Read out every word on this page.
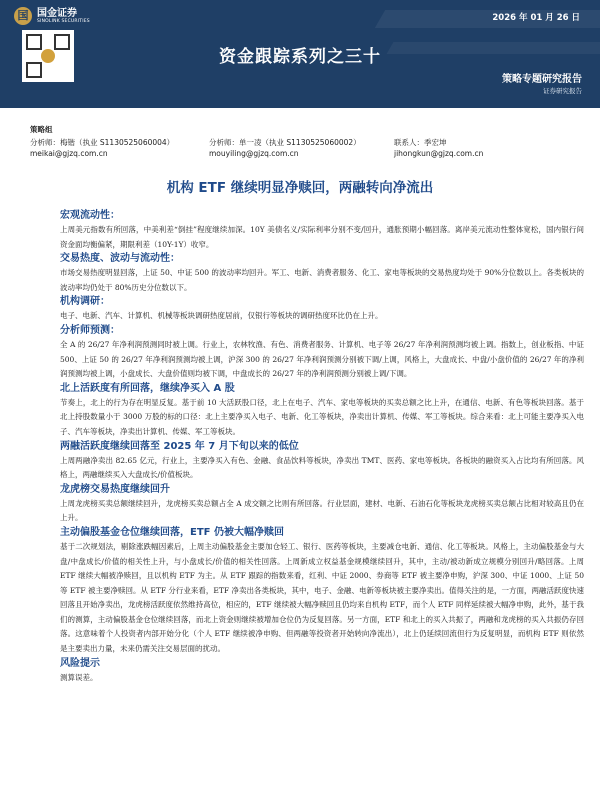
国 国金证券
SINOLINK SECURITIES	2026 年 01 月 26 日
资金跟踪系列之三十
策略专题研究报告
证券研究报告
策略组
分析师：梅锴（执业 S1130525060004）	分析师：单一凌（执业 S1130525060002）	联系人：季宏坤
meikai@gjzq.com.cn	mouyiling@gjzq.com.cn	jihongkun@gjzq.com.cn
机构 ETF 继续明显净赎回，两融转向净流出
宏观流动性：

上周美元指数有所回落，中美利差“倒挂”程度继续加深。10Y 美债名义/实际利率分别不变/回升，通胀预期小幅回落。离岸美元流动性整体宽松，国内银行间资金面均衡偏紧，期限利差（10Y-1Y）收窄。

交易热度、波动与流动性：

市场交易热度明显回落，上证 50、中证 500 的波动率均回升。军工、电新、消费者服务、化工、家电等板块的交易热度均处于 90%分位数以上。各类板块的波动率均仍处于 80%历史分位数以下。

机构调研：

电子、电新、汽车、计算机、机械等板块调研热度居前，仅银行等板块的调研热度环比仍在上升。

分析师预测：

全 A 的 26/27 年净利润预测同时被上调。行业上，农林牧渔、有色、消费者服务、计算机、电子等 26/27 年净利润预测均被上调。指数上，创业板指、中证 500、上证 50 的 26/27 年净利润预测均被上调，沪深 300 的 26/27 年净利润预测分别被下调/上调，风格上，大盘成长、中盘/小盘价值的 26/27 年的净利润预测均被上调，小盘成长、大盘价值则均被下调，中盘成长的 26/27 年的净利润预测分别被上调/下调。

北上活跃度有所回落，继续净买入 A 股

节奏上，北上的行为存在明显反复。基于前 10 大活跃股口径，北上在电子、汽车、家电等板块的买卖总额之比上升，在通信、电新、有色等板块回落。基于北上持股数量小于 3000 万股的标的口径：北上主要净买入电子、电新、化工等板块，净卖出计算机、传媒、军工等板块。综合来看：北上可能主要净买入电子、汽车等板块，净卖出计算机、传媒、军工等板块。

两融活跃度继续回落至 2025 年 7 月下旬以来的低位

上周两融净卖出 82.65 亿元，行业上，主要净买入有色、金融、食品饮料等板块，净卖出 TMT、医药、家电等板块。各板块的融资买入占比均有所回落。风格上，两融继续买入大盘成长/价值板块。

龙虎榜交易热度继续回升

上周龙虎榜买卖总额继续回升，龙虎榜买卖总额占全 A 成交额之比则有所回落。行业层面，建材、电新、石油石化等板块龙虎榜买卖总额占比相对较高且仍在上升。

主动偏股基金仓位继续回落，ETF 仍被大幅净赎回

基于二次规划法，剔除涨跌幅因素后，上周主动偏股基金主要加仓轻工、银行、医药等板块，主要减仓电新、通信、化工等板块。风格上，主动偏股基金与大盘/中盘成长/价值的相关性上升，与小盘成长/价值的相关性回落。上周新成立权益基金规模继续回升，其中，主动/被动新成立规模分别回升/略回落。上周 ETF 继续大幅被净赎回，且以机构 ETF 为主。从 ETF 跟踪的指数来看，红利、中证 2000、券商等 ETF 被主要净申购，沪深 300、中证 1000、上证 50 等 ETF 被主要净赎回。从 ETF 分行业来看，ETF 净卖出各类板块，其中，电子、金融、电新等板块被主要净卖出。值得关注的是，一方面，两融活跃度快速回落且开始净卖出，龙虎榜活跃度依然维持高位，相应的，ETF 继续被大幅净赎回且仍均来自机构 ETF，而个人 ETF 同样延续被大幅净申购，此外，基于我们的测算，主动偏股基金仓位继续回落，而北上资金则继续被增加仓位仍为反复回落。另一方面，ETF 和北上的买入共振了，两融和龙虎榜的买入共振仍存回落。这意味着个人投资者内部开始分化（个人 ETF 继续被净申购、但两融等投资者开始转向净流出），北上仍延续回流但行为反复明显，而机构 ETF 则依然是主要卖出力量，未来仍需关注交易层面的扰动。

风险提示

测算误差。
